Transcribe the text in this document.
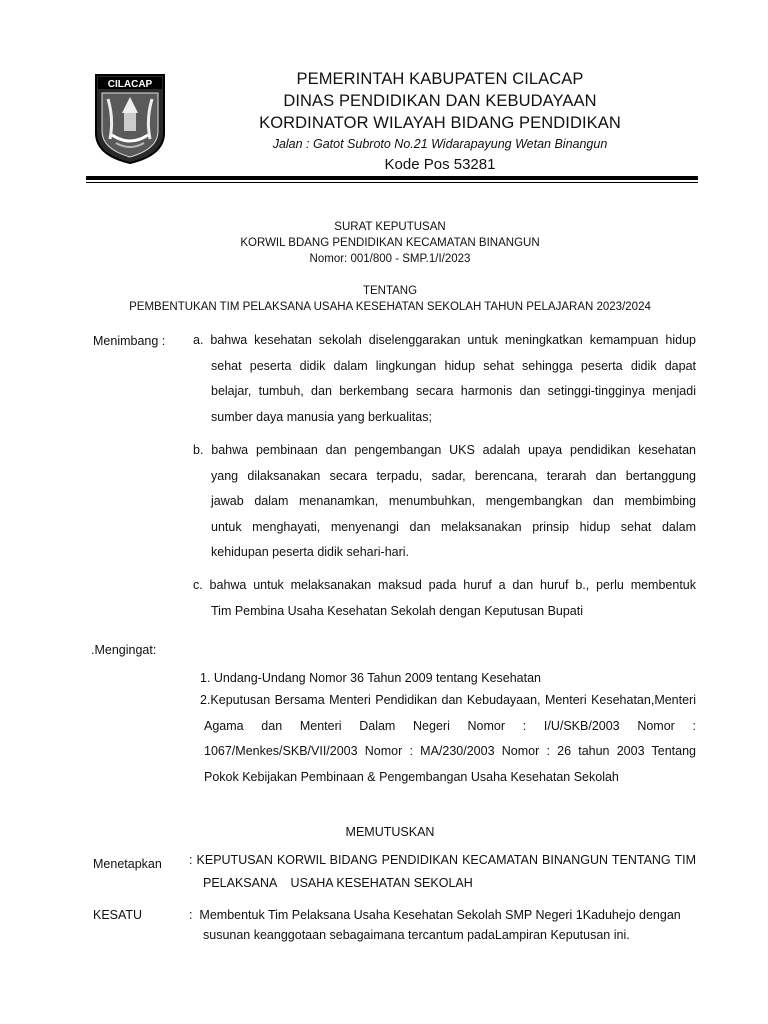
CILACAP	PEMERINTAH KABUPATEN CILACAP
DINAS PENDIDIKAN DAN KEBUDAYAAN
KORDINATOR WILAYAH BIDANG PENDIDIKAN
Jalan : Gatot Subroto No.21 Widarapayung Wetan Binangun
Kode Pos 53281
SURAT KEPUTUSAN
KORWIL BDANG PENDIDIKAN KECAMATAN BINANGUN
Nomor: 001/800 - SMP.1/I/2023
TENTANG
PEMBENTUKAN TIM PELAKSANA USAHA KESEHATAN SEKOLAH TAHUN PELAJARAN 2023/2024
Menimbang : a. bahwa kesehatan sekolah diselenggarakan untuk meningkatkan kemampuan hidup
sehat peserta didik dalam lingkungan hidup sehat sehingga peserta didik dapat
belajar, tumbuh, dan berkembang secara harmonis dan setinggi-tingginya menjadi
sumber daya manusia yang berkualitas;
b. bahwa pembinaan dan pengembangan UKS adalah upaya pendidikan kesehatan
yang dilaksanakan secara terpadu, sadar, berencana, terarah dan bertanggung
jawab dalam menanamkan, menumbuhkan, mengembangkan dan membimbing
untuk menghayati, menyenangi dan melaksanakan prinsip hidup sehat dalam
kehidupan peserta didik sehari-hari.
c. bahwa untuk melaksanakan maksud pada huruf a dan huruf b., perlu membentuk
Tim Pembina Usaha Kesehatan Sekolah dengan Keputusan Bupati
.Mengingat:
1. Undang-Undang Nomor 36 Tahun 2009 tentang Kesehatan
2.Keputusan Bersama Menteri Pendidikan dan Kebudayaan, Menteri Kesehatan,Menteri
Agama dan Menteri Dalam Negeri Nomor : I/U/SKB/2003 Nomor :
1067/Menkes/SKB/VII/2003 Nomor : MA/230/2003 Nomor : 26 tahun 2003 Tentang
Pokok Kebijakan Pembinaan & Pengembangan Usaha Kesehatan Sekolah
MEMUTUSKAN
Menetapkan : KEPUTUSAN KORWIL BIDANG PENDIDIKAN KECAMATAN BINANGUN TENTANG TIM
PELAKSANA    USAHA KESEHATAN SEKOLAH
KESATU	:  Membentuk Tim Pelaksana Usaha Kesehatan Sekolah SMP Negeri 1Kaduhejo dengan
susunan keanggotaan sebagaimana tercantum padaLampiran Keputusan ini.
